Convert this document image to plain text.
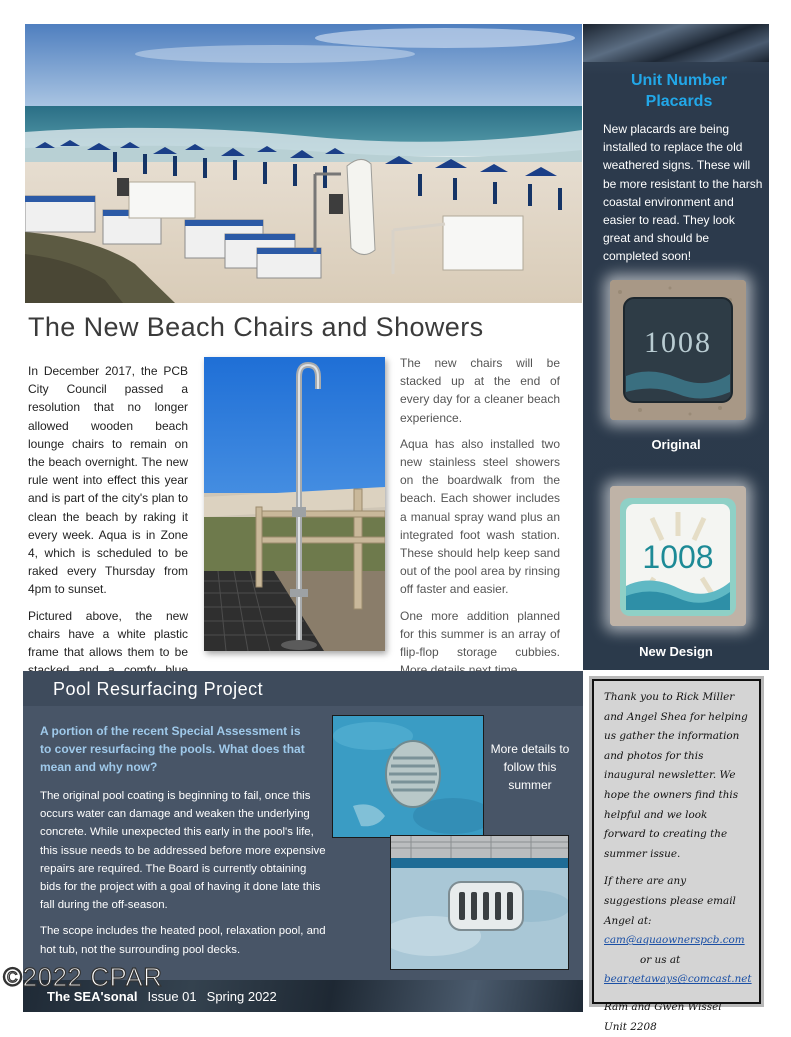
Unit Number
Placards
New placards are being installed to replace the old weathered signs. These will be more resistant to the harsh coastal environment and easier to read. They look great and should be completed soon!
1008
Original
1008
New Design
The New Beach Chairs and Showers

In December 2017, the PCB City Council passed a resolution that no longer allowed wooden beach lounge chairs to remain on the beach overnight. The new rule went into effect this year and is part of the city's plan to clean the beach by raking it every week. Aqua is in Zone 4, which is scheduled to be raked every Thursday from 4pm to sunset.

Pictured above, the new chairs have a white plastic frame that allows them to be

The new chairs will be stacked up at the end of every day for a cleaner beach experience.

Aqua has also installed two new stainless steel showers on the boardwalk from the beach. Each shower includes a manual spray wand plus an integrated foot wash station. These should help keep sand out of the pool area by rinsing off faster and easier.

One more addition planned for this summer is an array of flip-flop storage cubbies.

Pool Resurfacing Project
A portion of the recent Special Assessment is to cover resurfacing the pools. What does that mean and why now?

The original pool coating is beginning to fail, once this occurs water can damage and weaken the underlying concrete. While unexpected this early in the pool's life, this issue needs to be addressed before more expensive repairs are required. The Board is currently obtaining bids for the project with a goal of having it done late this fall during the off-season.

The scope includes the heated pool, relaxation pool, and hot tub, not the surrounding pool decks.

More details to follow this summer
The SEA'sonal Issue 01 Spring 2022
©2022 CPAR

Thank you to Rick Miller and Angel Shea for helping us gather the information and photos for this inaugural newsletter. We hope the owners find this helpful and we look forward to creating the summer issue.

If there are any suggestions please email Angel at:
cam@aquaownerspcb.com
or us at
beargetaways@comcast.net

Ram and Gwen Wissel

Unit 2208
